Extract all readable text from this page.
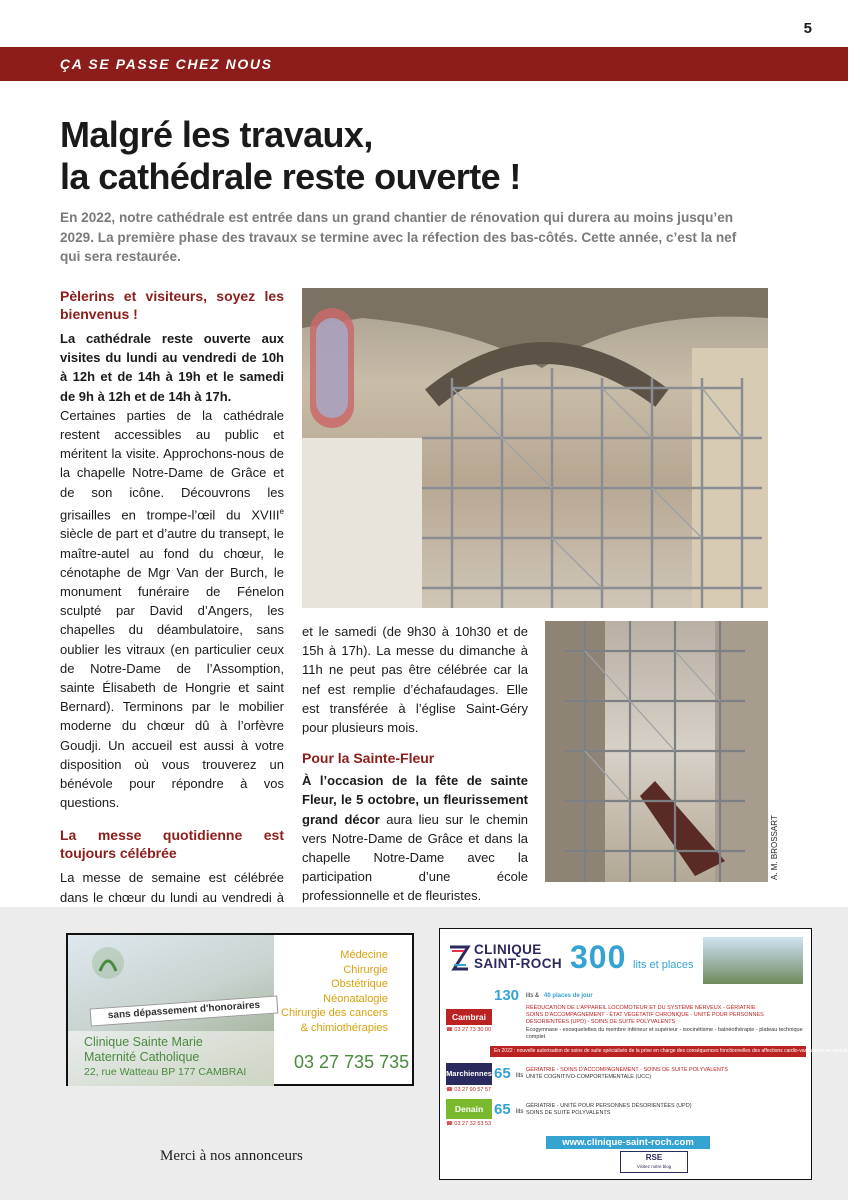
5
ÇA SE PASSE CHEZ NOUS
Malgré les travaux,
la cathédrale reste ouverte !

En 2022, notre cathédrale est entrée dans un grand chantier de rénovation qui durera au moins jusqu’en 2029. La première phase des travaux se termine avec la réfection des bas-côtés. Cette année, c’est la nef qui sera restaurée.

Pèlerins et visiteurs, soyez les bienvenus !

La cathédrale reste ouverte aux visites du lundi au vendredi de 10h à 12h et de 14h à 19h et le samedi de 9h à 12h et de 14h à 17h.

Certaines parties de la cathédrale restent accessibles au public et méritent la visite. Approchons-nous de la chapelle Notre-Dame de Grâce et de son icône. Découvrons les grisailles en trompe-l’œil du XVIIIe siècle de part et d’autre du transept, le maître-autel au fond du chœur, le cénotaphe de Mgr Van der Burch, le monument funéraire de Fénelon sculpté par David d’Angers, les chapelles du déambulatoire, sans oublier les vitraux (en particulier ceux de Notre-Dame de l’Assomption, sainte Élisabeth de Hongrie et saint Bernard). Terminons par le mobilier moderne du chœur dû à l’orfèvre Goudji. Un accueil est aussi à votre disposition où vous trouverez un bénévole pour répondre à vos questions.

La messe quotidienne est toujours célébrée

La messe de semaine est célébrée dans le chœur du lundi au vendredi à

A. M. BROSSART

et le samedi (de 9h30 à 10h30 et de 15h à 17h). La messe du dimanche à 11h ne peut pas être célébrée car la nef est remplie d’échafaudages. Elle est transférée à l’église Saint-Géry pour plusieurs mois.

Pour la Sainte-Fleur

À l’occasion de la fête de sainte Fleur, le 5 octobre, un fleurissement grand décor aura lieu sur le chemin vers Notre-Dame de Grâce et dans la chapelle Notre-Dame avec la participation d’une école professionnelle et de fleuristes.

sans dépassement d'honoraires
Clinique Sainte Marie
Maternité Catholique
22, rue Watteau BP 177 CAMBRAI
Médecine
Chirurgie
Obstétrique
Néonatalogie
Chirurgie des cancers
& chimiothérapies
03 27 735 735
CLINIQUE
SAINT-ROCH 300 lits et places
Cambrai
☎ 03 27 73 30 00
130 lits & 40 places de jour
RÉÉDUCATION DE L'APPAREIL LOCOMOTEUR ET DU SYSTÈME NERVEUX - GÉRIATRIE
SOINS D'ACCOMPAGNEMENT - ÉTAT VÉGÉTATIF CHRONIQUE - UNITÉ POUR PERSONNES DÉSORIENTÉES (UPD) - SOINS DE SUITE POLYVALENTS
Ecogymnase - exosquelettes du membre inférieur et supérieur - isocinétisme - balnéothérapie - plateau technique complet
En 2022 : nouvelle autorisation de soins de suite spécialisés de la prise en charge des conséquences fonctionnelles des affections cardio-vasculaires en ambulatoire.
Marchiennes
☎ 03 27 90 57 57
65 lits
GÉRIATRIE - SOINS D'ACCOMPAGNEMENT - SOINS DE SUITE POLYVALENTS
UNITÉ COGNITIVO-COMPORTEMENTALE (UCC)
Denain
☎ 03 27 32 53 53
65 lits
GÉRIATRIE - UNITÉ POUR PERSONNES DÉSORIENTÉES (UPD)
SOINS DE SUITE POLYVALENTS
www.clinique-saint-roch.com
RSE
Visitez notre blog
Merci à nos annonceurs
